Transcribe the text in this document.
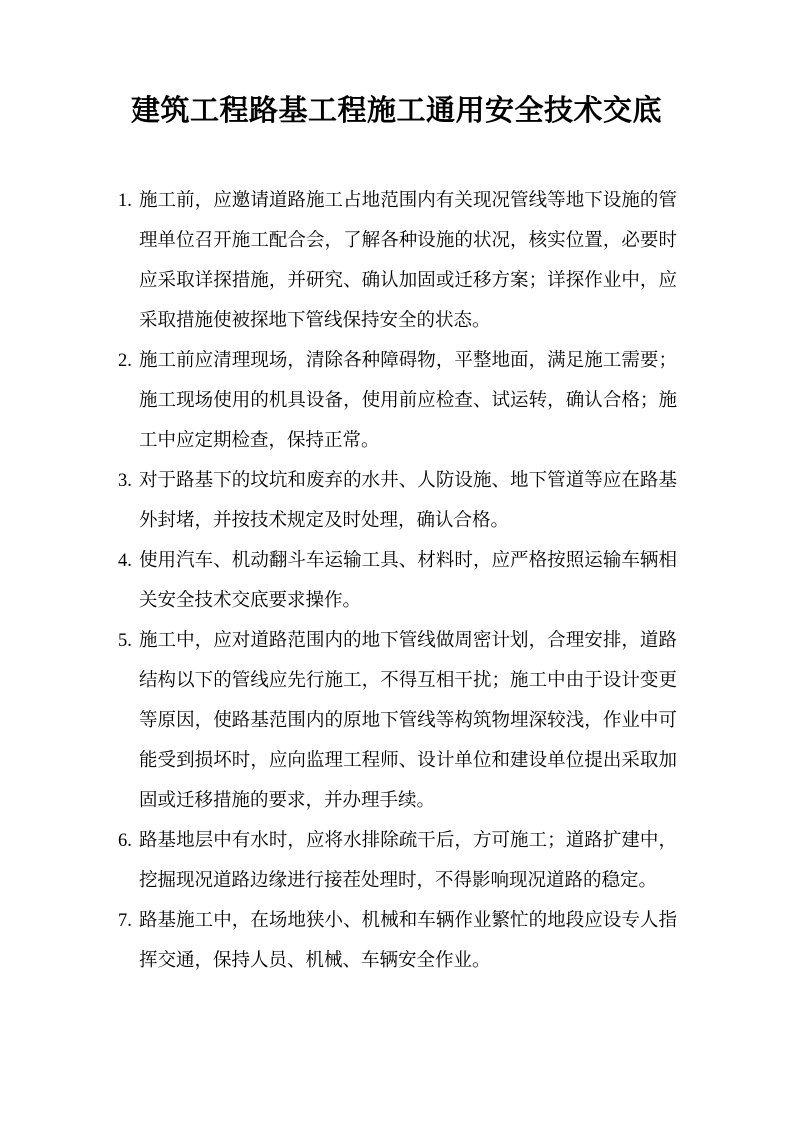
建筑工程路基工程施工通用安全技术交底
1. 施工前，应邀请道路施工占地范围内有关现况管线等地下设施的管理单位召开施工配合会，了解各种设施的状况，核实位置，必要时应采取详探措施，并研究、确认加固或迁移方案；详探作业中，应采取措施使被探地下管线保持安全的状态。
2. 施工前应清理现场，清除各种障碍物，平整地面，满足施工需要；施工现场使用的机具设备，使用前应检查、试运转，确认合格；施工中应定期检查，保持正常。
3. 对于路基下的坟坑和废弃的水井、人防设施、地下管道等应在路基外封堵，并按技术规定及时处理，确认合格。
4. 使用汽车、机动翻斗车运输工具、材料时，应严格按照运输车辆相关安全技术交底要求操作。
5. 施工中，应对道路范围内的地下管线做周密计划，合理安排，道路结构以下的管线应先行施工，不得互相干扰；施工中由于设计变更等原因，使路基范围内的原地下管线等构筑物埋深较浅，作业中可能受到损坏时，应向监理工程师、设计单位和建设单位提出采取加固或迁移措施的要求，并办理手续。
6. 路基地层中有水时，应将水排除疏干后，方可施工；道路扩建中，挖掘现况道路边缘进行接茬处理时，不得影响现况道路的稳定。
7. 路基施工中，在场地狭小、机械和车辆作业繁忙的地段应设专人指挥交通，保持人员、机械、车辆安全作业。
